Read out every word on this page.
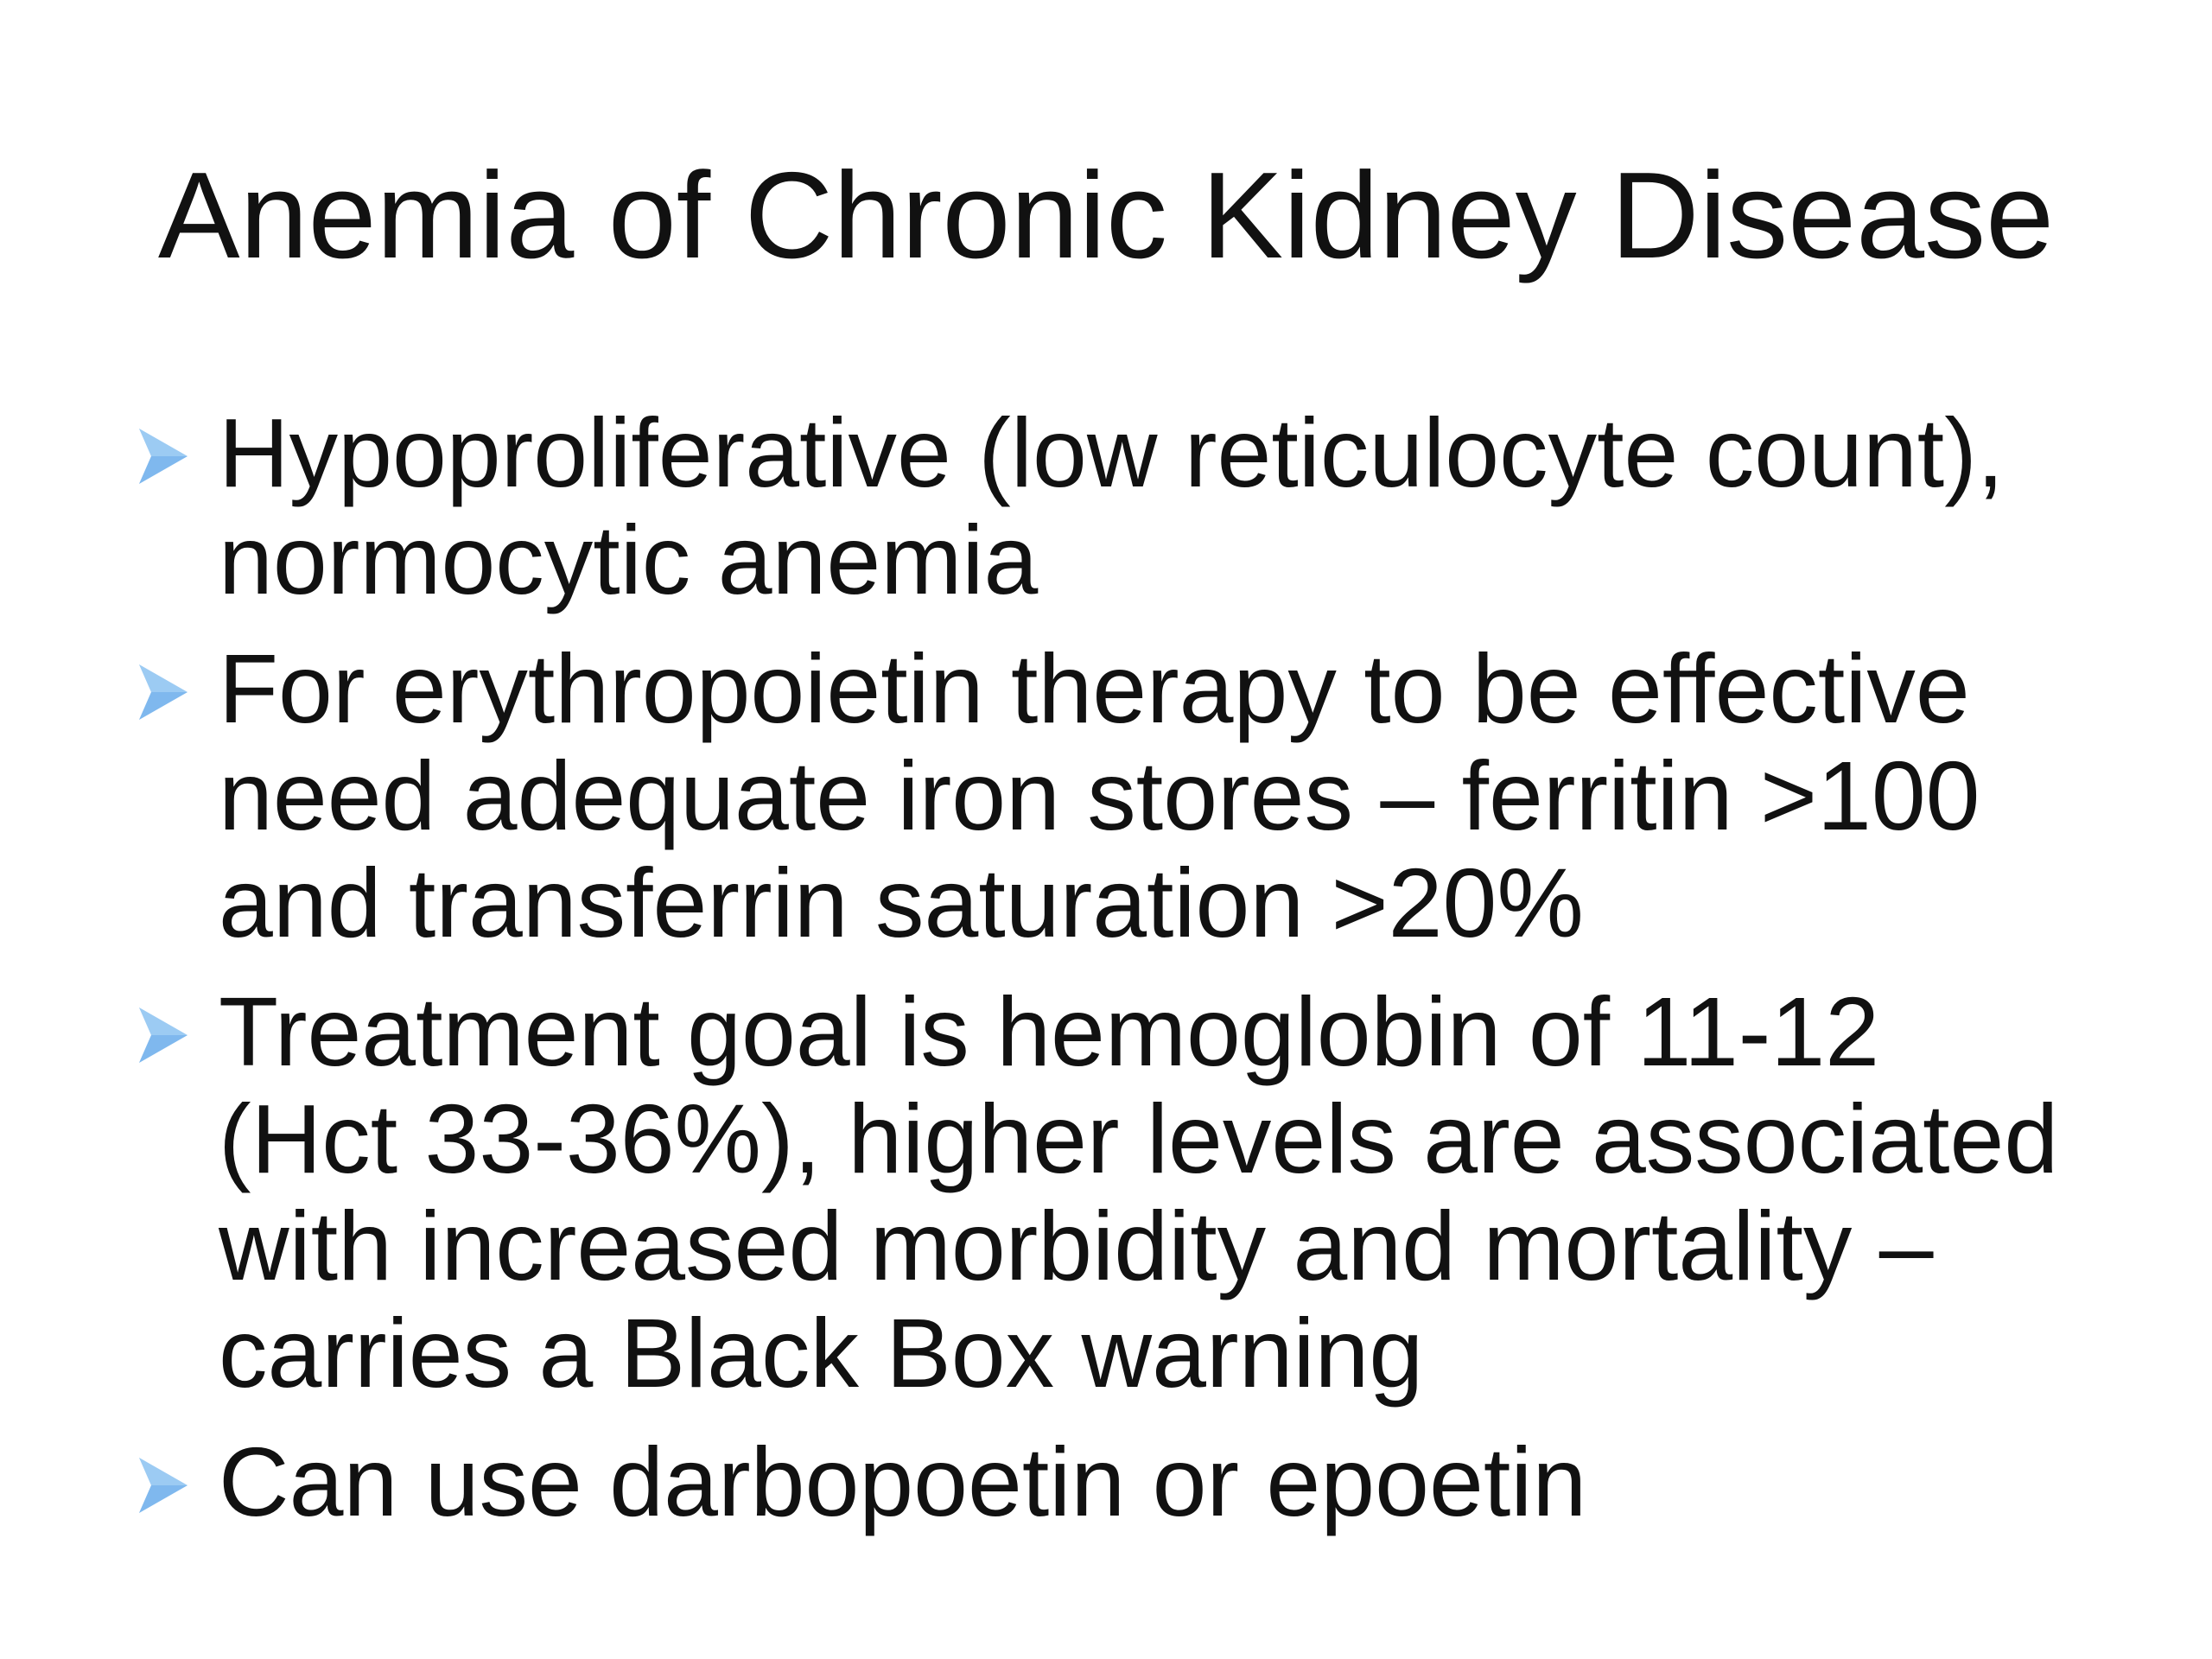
Anemia of Chronic Kidney Disease
Hypoproliferative (low reticulocyte count),
normocytic anemia
For erythropoietin therapy to be effective
need adequate iron stores – ferritin >100
and transferrin saturation >20%
Treatment goal is hemoglobin of 11-12
(Hct 33-36%), higher levels are associated
with increased morbidity and mortality –
carries a Black Box warning
Can use darbopoetin or epoetin
